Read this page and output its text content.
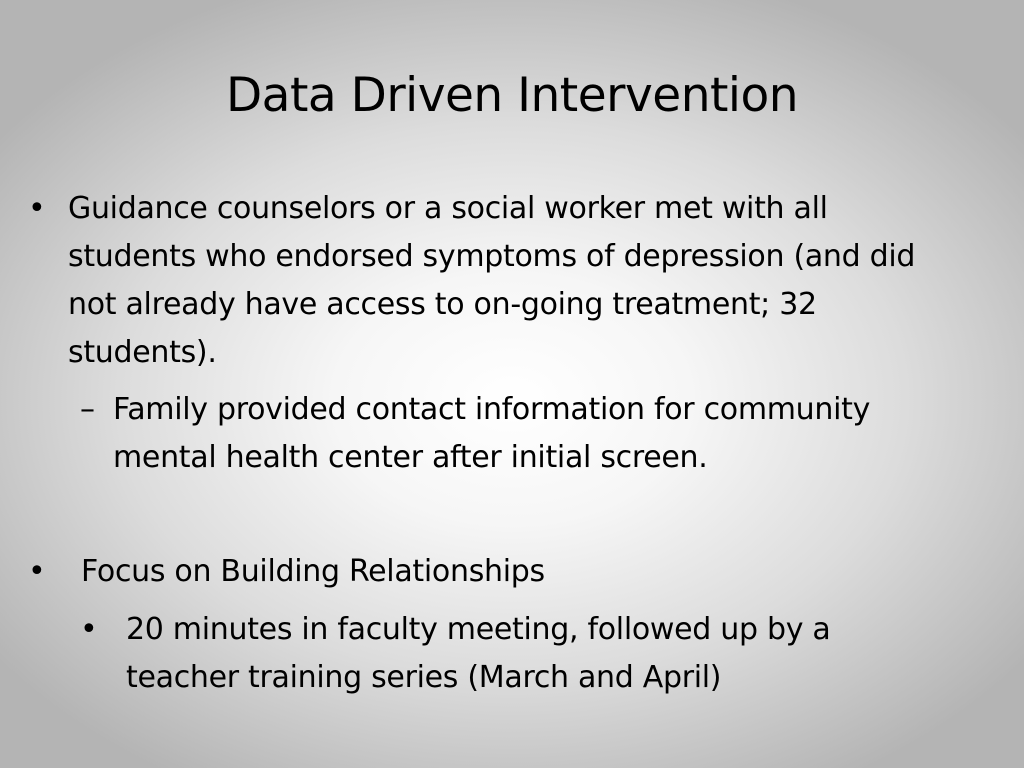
Data Driven Intervention
• Guidance counselors or a social worker met with all students who endorsed symptoms of depression (and did not already have access to on-going treatment; 32 students).
– Family provided contact information for community mental health center after initial screen.
• Focus on Building Relationships
• 20 minutes in faculty meeting, followed up by a teacher training series (March and April)
